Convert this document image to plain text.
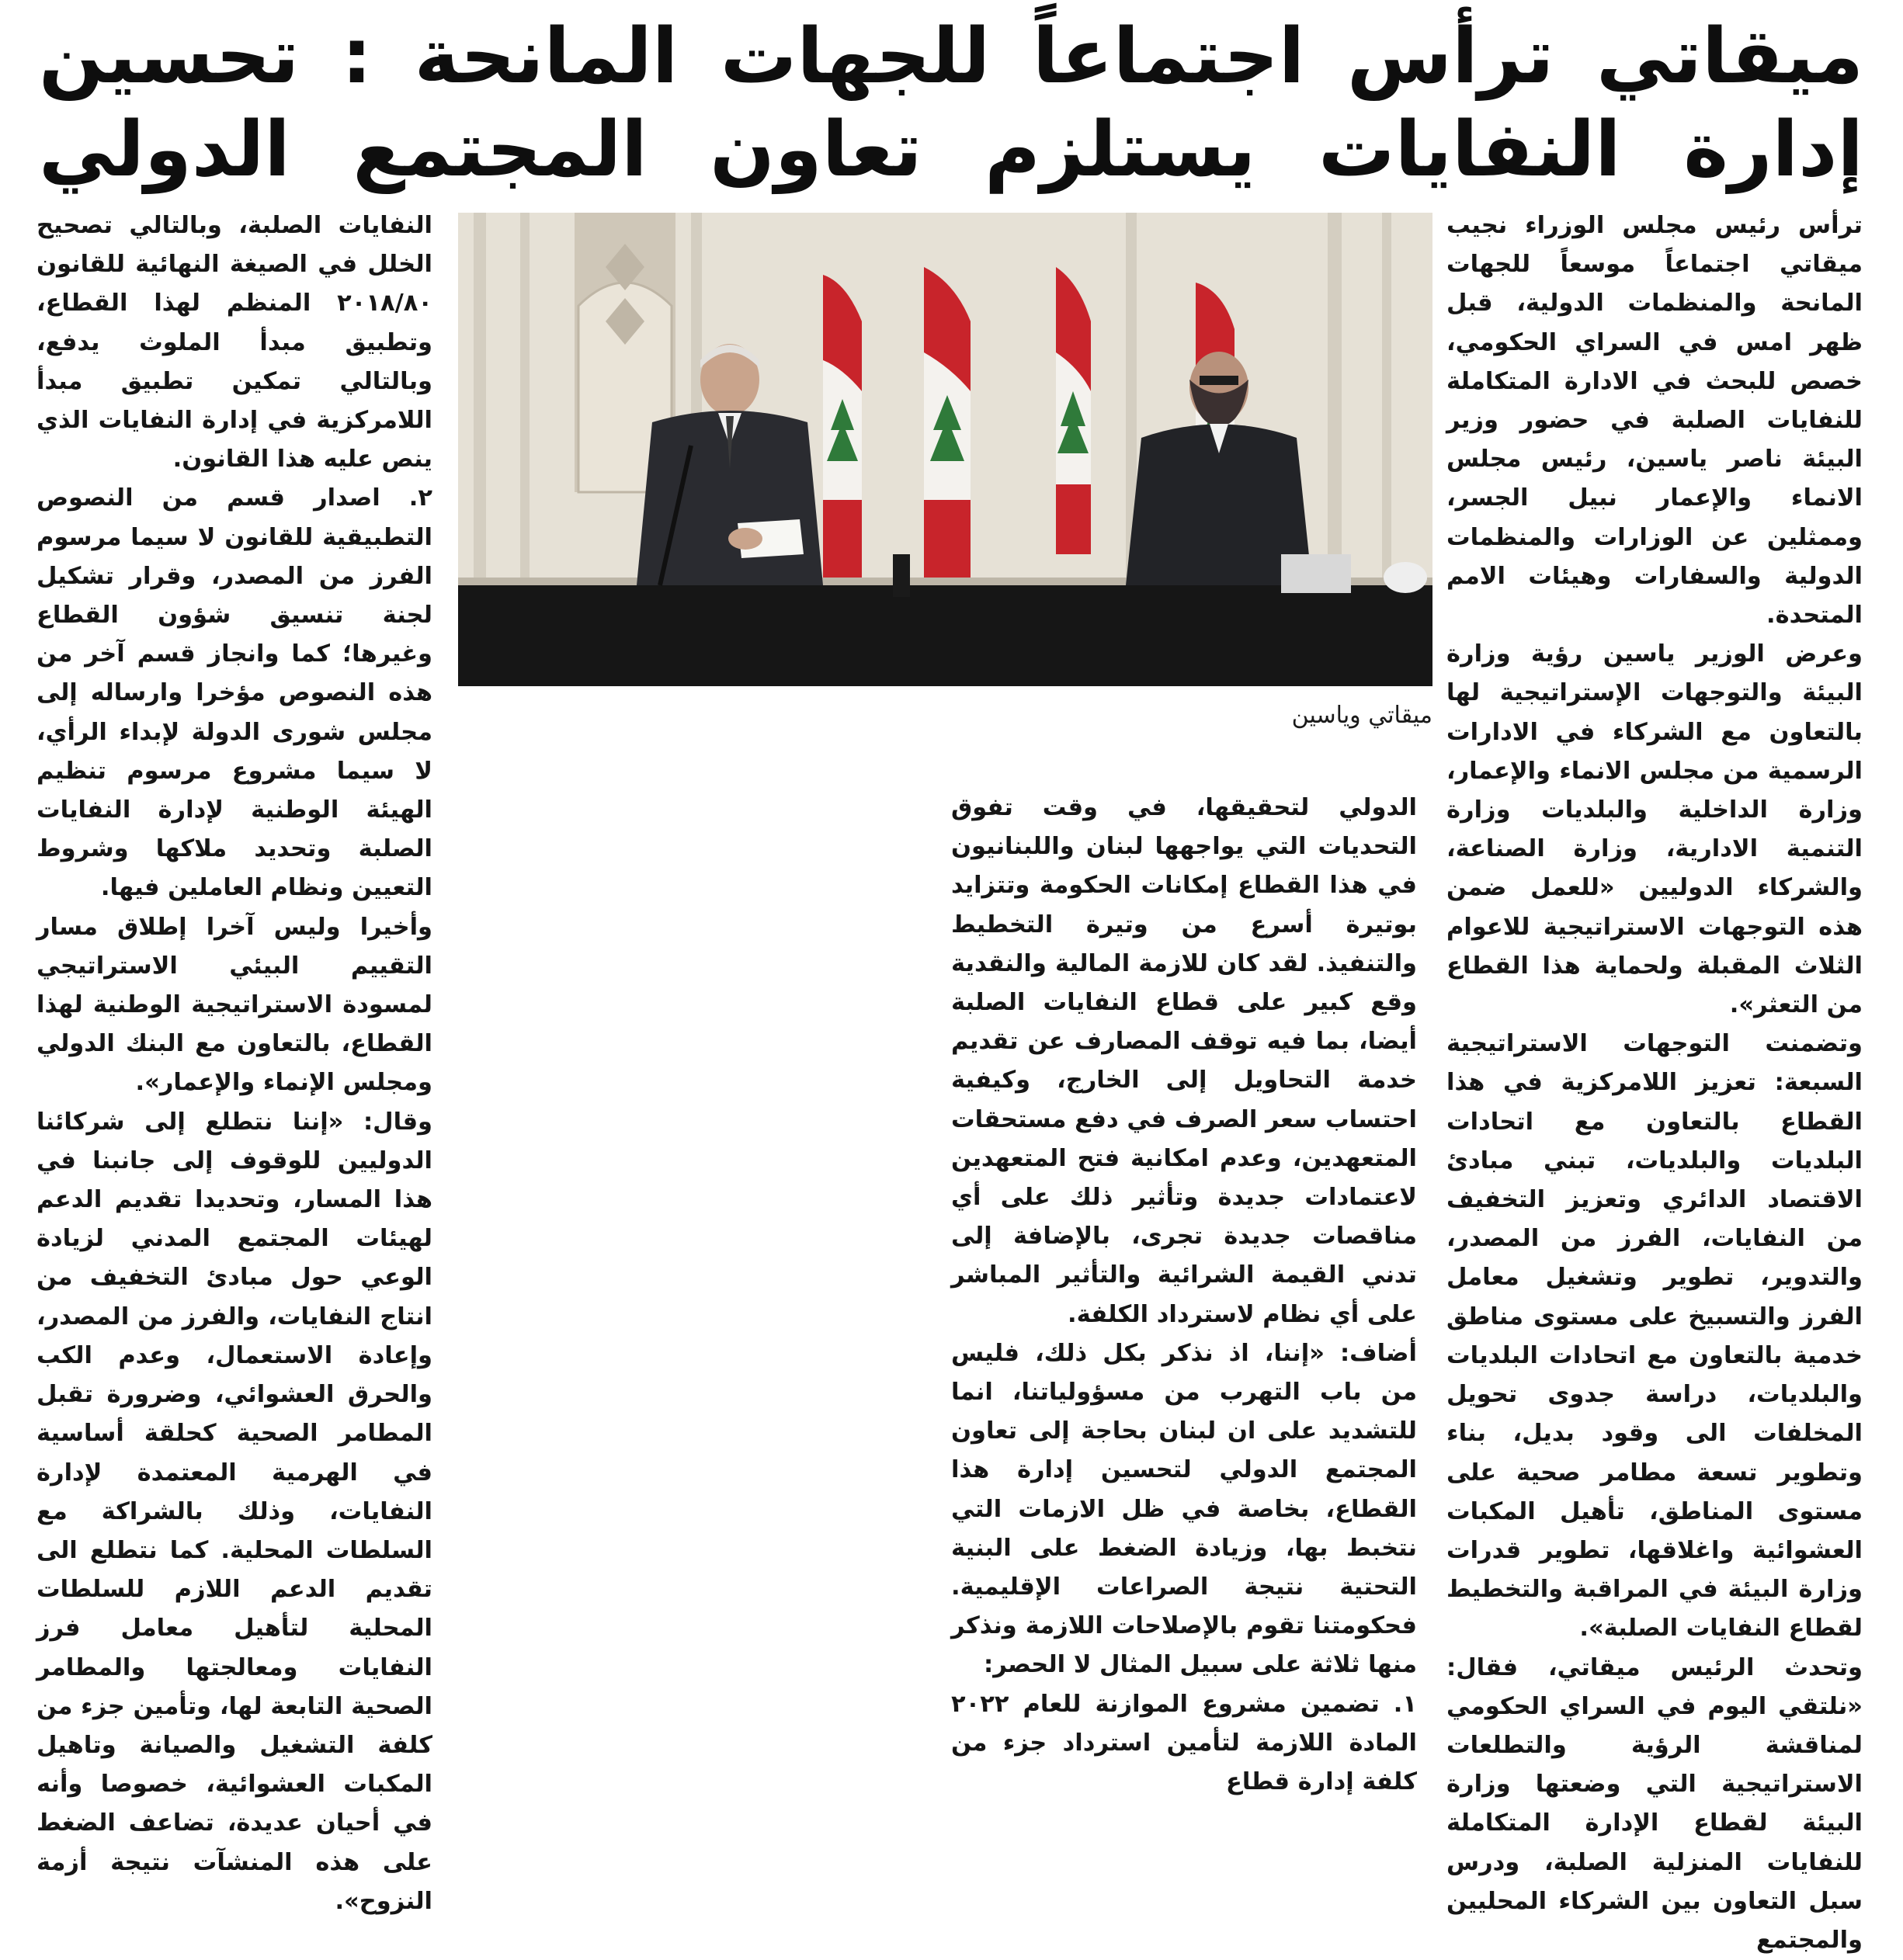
ميقاتي ترأس اجتماعاً للجهات المانحة : تحسين
إدارة النفايات يستلزم تعاون المجتمع الدولي

ترأس رئيس مجلس الوزراء نجيب ميقاتي اجتماعاً موسعاً للجهات المانحة والمنظمات الدولية، قبل ظهر امس في السراي الحكومي، خصص للبحث في الادارة المتكاملة للنفايات الصلبة في حضور وزير البيئة ناصر ياسين، رئيس مجلس الانماء والإعمار نبيل الجسر، وممثلين عن الوزارات والمنظمات الدولية والسفارات وهيئات الامم المتحدة.

وعرض الوزير ياسين رؤية وزارة البيئة والتوجهات الإستراتيجية لها بالتعاون مع الشركاء في الادارات الرسمية من مجلس الانماء والإعمار، وزارة الداخلية والبلديات وزارة التنمية الادارية، وزارة الصناعة، والشركاء الدوليين «للعمل ضمن هذه التوجهات الاستراتيجية للاعوام الثلاث المقبلة ولحماية هذا القطاع من التعثر».

وتضمنت التوجهات الاستراتيجية السبعة: تعزيز اللامركزية في هذا القطاع بالتعاون مع اتحادات البلديات والبلديات، تبني مبادئ الاقتصاد الدائري وتعزيز التخفيف من النفايات، الفرز من المصدر، والتدوير، تطوير وتشغيل معامل الفرز والتسبيخ على مستوى مناطق خدمية بالتعاون مع اتحادات البلديات والبلديات، دراسة جدوى تحويل المخلفات الى وقود بديل، بناء وتطوير تسعة مطامر صحية على مستوى المناطق، تأهيل المكبات العشوائية واغلاقها، تطوير قدرات وزارة البيئة في المراقبة والتخطيط لقطاع النفايات الصلبة».

وتحدث الرئيس ميقاتي، فقال: «نلتقي اليوم في السراي الحكومي لمناقشة الرؤية والتطلعات الاستراتيجية التي وضعتها وزارة البيئة لقطاع الإدارة المتكاملة للنفايات المنزلية الصلبة، ودرس سبل التعاون بين الشركاء المحليين والمجتمع

ميقاتي وياسين

الدولي لتحقيقها، في وقت تفوق التحديات التي يواجهها لبنان واللبنانيون في هذا القطاع إمكانات الحكومة وتتزايد بوتيرة أسرع من وتيرة التخطيط والتنفيذ. لقد كان للازمة المالية والنقدية وقع كبير على قطاع النفايات الصلبة أيضا، بما فيه توقف المصارف عن تقديم خدمة التحاويل إلى الخارج، وكيفية احتساب سعر الصرف في دفع مستحقات المتعهدين، وعدم امكانية فتح المتعهدين لاعتمادات جديدة وتأثير ذلك على أي مناقصات جديدة تجرى، بالإضافة إلى تدني القيمة الشرائية والتأثير المباشر على أي نظام لاسترداد الكلفة.

أضاف: «إننا، اذ نذكر بكل ذلك، فليس من باب التهرب من مسؤولياتنا، انما للتشديد على ان لبنان بحاجة إلى تعاون المجتمع الدولي لتحسين إدارة هذا القطاع، بخاصة في ظل الازمات التي نتخبط بها، وزيادة الضغط على البنية التحتية نتيجة الصراعات الإقليمية. فحكومتنا تقوم بالإصلاحات اللازمة ونذكر منها ثلاثة على سبيل المثال لا الحصر:

١. تضمين مشروع الموازنة للعام ٢٠٢٢ المادة اللازمة لتأمين استرداد جزء من كلفة إدارة قطاع

النفايات الصلبة، وبالتالي تصحيح الخلل في الصيغة النهائية للقانون ٢٠١٨/٨٠ المنظم لهذا القطاع، وتطبيق مبدأ الملوث يدفع، وبالتالي تمكين تطبيق مبدأ اللامركزية في إدارة النفايات الذي ينص عليه هذا القانون.

٢. اصدار قسم من النصوص التطبيقية للقانون لا سيما مرسوم الفرز من المصدر، وقرار تشكيل لجنة تنسيق شؤون القطاع وغيرها؛ كما وانجاز قسم آخر من هذه النصوص مؤخرا وارساله إلى مجلس شورى الدولة لإبداء الرأي، لا سيما مشروع مرسوم تنظيم الهيئة الوطنية لإدارة النفايات الصلبة وتحديد ملاكها وشروط التعيين ونظام العاملين فيها.

وأخيرا وليس آخرا إطلاق مسار التقييم البيئي الاستراتيجي لمسودة الاستراتيجية الوطنية لهذا القطاع، بالتعاون مع البنك الدولي ومجلس الإنماء والإعمار».

وقال: «إننا نتطلع إلى شركائنا الدوليين للوقوف إلى جانبنا في هذا المسار، وتحديدا تقديم الدعم لهيئات المجتمع المدني لزيادة الوعي حول مبادئ التخفيف من انتاج النفايات، والفرز من المصدر، وإعادة الاستعمال، وعدم الكب والحرق العشوائي، وضرورة تقبل المطامر الصحية كحلقة أساسية في الهرمية المعتمدة لإدارة النفايات، وذلك بالشراكة مع السلطات المحلية. كما نتطلع الى تقديم الدعم اللازم للسلطات المحلية لتأهيل معامل فرز النفايات ومعالجتها والمطامر الصحية التابعة لها، وتأمين جزء من كلفة التشغيل والصيانة وتاهيل المكبات العشوائية، خصوصا وأنه في أحيان عديدة، تضاعف الضغط على هذه المنشآت نتيجة أزمة النزوح».
